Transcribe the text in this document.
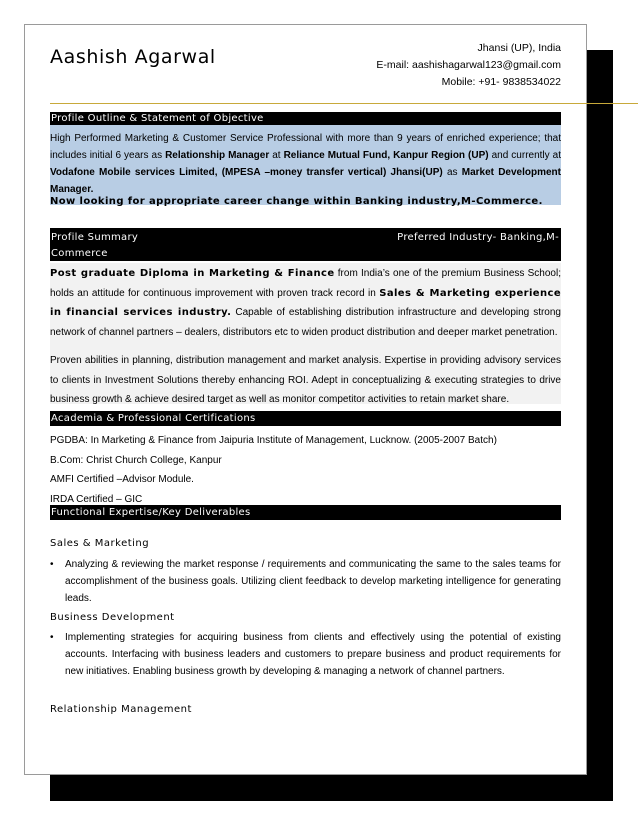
Aashish Agarwal	Jhansi (UP), India
E-mail: aashishagarwal123@gmail.com
Mobile: +91- 9838534022
Profile Outline & Statement of Objective
High Performed Marketing & Customer Service Professional with more than 9 years of enriched experience; that includes initial 6 years as Relationship Manager at Reliance Mutual Fund, Kanpur Region (UP) and currently at Vodafone Mobile services Limited, (MPESA –money transfer vertical) Jhansi(UP) as Market Development Manager.
Now looking for appropriate career change within Banking industry,M-Commerce.
Profile Summary	Preferred Industry- Banking,M-
Commerce
Post graduate Diploma in Marketing & Finance from India’s one of the premium Business School; holds an attitude for continuous improvement with proven track record in Sales & Marketing experience in financial services industry. Capable of establishing distribution infrastructure and developing strong network of channel partners – dealers, distributors etc to widen product distribution and deeper market penetration.
Proven abilities in planning, distribution management and market analysis. Expertise in providing advisory services to clients in Investment Solutions thereby enhancing ROI. Adept in conceptualizing & executing strategies to drive business growth & achieve desired target as well as monitor competitor activities to retain market share.
Academia & Professional Certifications
PGDBA: In Marketing & Finance from Jaipuria Institute of Management, Lucknow. (2005-2007 Batch)
B.Com: Christ Church College, Kanpur
AMFI Certified –Advisor Module.
IRDA Certified – GIC
Functional Expertise/Key Deliverables
Sales & Marketing
• Analyzing & reviewing the market response / requirements and communicating the same to the sales teams for accomplishment of the business goals. Utilizing client feedback to develop marketing intelligence for generating leads.
Business Development
• Implementing strategies for acquiring business from clients and effectively using the potential of existing accounts. Interfacing with business leaders and customers to prepare business and product requirements for new initiatives. Enabling business growth by developing & managing a network of channel partners.
Relationship Management
